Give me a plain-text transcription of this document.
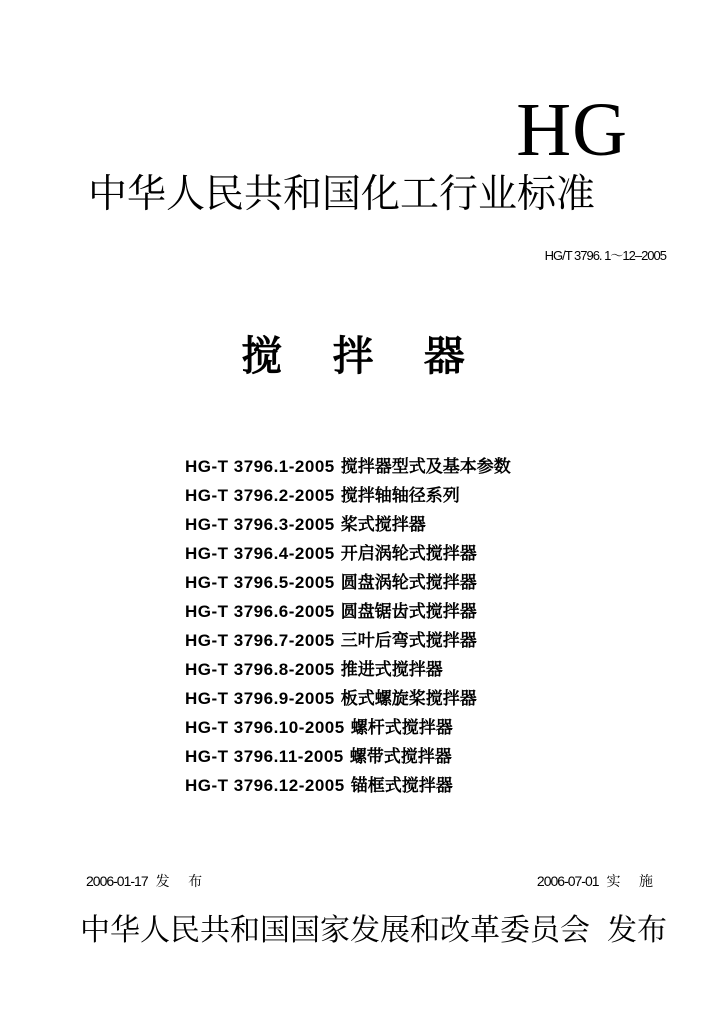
HG
中华人民共和国化工行业标准
HG/T 3796. 1～12–2005
搅 拌 器
HG-T 3796.1-2005 搅拌器型式及基本参数
HG-T 3796.2-2005 搅拌轴轴径系列
HG-T 3796.3-2005 桨式搅拌器
HG-T 3796.4-2005 开启涡轮式搅拌器
HG-T 3796.5-2005 圆盘涡轮式搅拌器
HG-T 3796.6-2005 圆盘锯齿式搅拌器
HG-T 3796.7-2005 三叶后弯式搅拌器
HG-T 3796.8-2005 推进式搅拌器
HG-T 3796.9-2005 板式螺旋桨搅拌器
HG-T 3796.10-2005 螺杆式搅拌器
HG-T 3796.11-2005 螺带式搅拌器
HG-T 3796.12-2005 锚框式搅拌器
2006-01-17 发 布	2006-07-01 实 施
中华人民共和国国家发展和改革委员会 发布
